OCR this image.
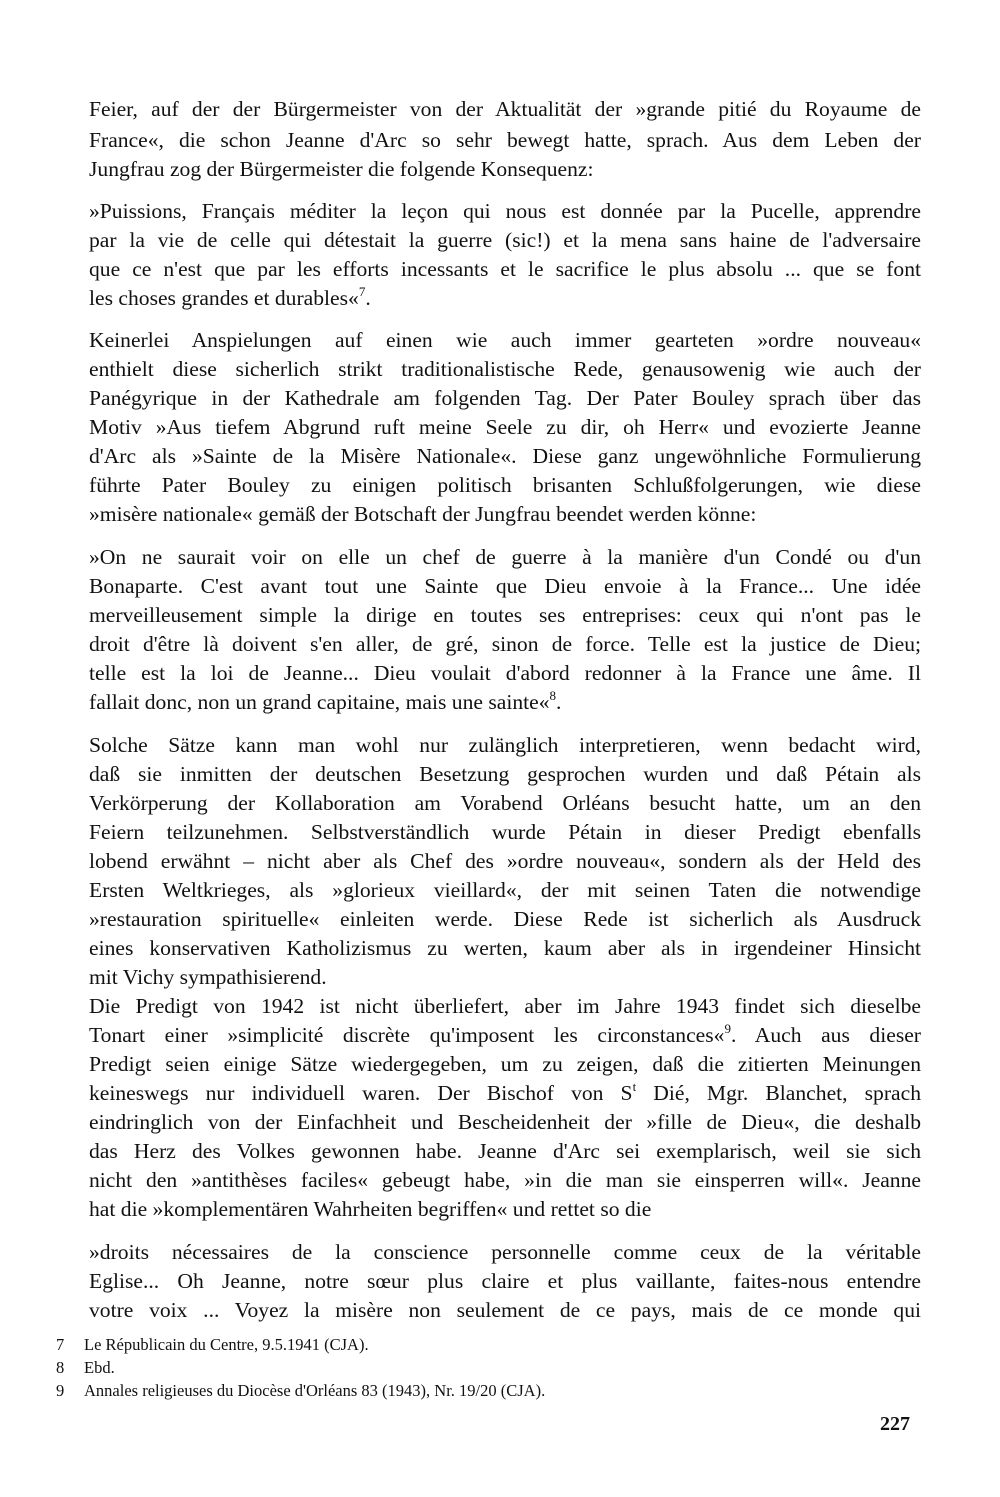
Feier, auf der der Bürgermeister von der Aktualität der »grande pitié du Royaume de
France«, die schon Jeanne d'Arc so sehr bewegt hatte, sprach. Aus dem Leben der
Jungfrau zog der Bürgermeister die folgende Konsequenz:
»Puissions, Français méditer la leçon qui nous est donnée par la Pucelle, apprendre
par la vie de celle qui détestait la guerre (sic!) et la mena sans haine de l'adversaire
que ce n'est que par les efforts incessants et le sacrifice le plus absolu ... que se font
les choses grandes et durables«$^7$.
Keinerlei Anspielungen auf einen wie auch immer gearteten »ordre nouveau«
enthielt diese sicherlich strikt traditionalistische Rede, genausowenig wie auch der
Panégyrique in der Kathedrale am folgenden Tag. Der Pater Bouley sprach über das
Motiv »Aus tiefem Abgrund ruft meine Seele zu dir, oh Herr« und evozierte Jeanne
d'Arc als »Sainte de la Misère Nationale«. Diese ganz ungewöhnliche Formulierung
führte Pater Bouley zu einigen politisch brisanten Schlußfolgerungen, wie diese
»misère nationale« gemäß der Botschaft der Jungfrau beendet werden könne:
»On ne saurait voir on elle un chef de guerre à la manière d'un Condé ou d'un
Bonaparte. C'est avant tout une Sainte que Dieu envoie à la France... Une idée
merveilleusement simple la dirige en toutes ses entreprises: ceux qui n'ont pas le
droit d'être là doivent s'en aller, de gré, sinon de force. Telle est la justice de Dieu;
telle est la loi de Jeanne... Dieu voulait d'abord redonner à la France une âme. Il
fallait donc, non un grand capitaine, mais une sainte«$^8$.
Solche Sätze kann man wohl nur zulänglich interpretieren, wenn bedacht wird,
daß sie inmitten der deutschen Besetzung gesprochen wurden und daß Pétain als
Verkörperung der Kollaboration am Vorabend Orléans besucht hatte, um an den
Feiern teilzunehmen. Selbstverständlich wurde Pétain in dieser Predigt ebenfalls
lobend erwähnt – nicht aber als Chef des »ordre nouveau«, sondern als der Held des
Ersten Weltkrieges, als »glorieux vieillard«, der mit seinen Taten die notwendige
»restauration spirituelle« einleiten werde. Diese Rede ist sicherlich als Ausdruck
eines konservativen Katholizismus zu werten, kaum aber als in irgendeiner Hinsicht
mit Vichy sympathisierend.
Die Predigt von 1942 ist nicht überliefert, aber im Jahre 1943 findet sich dieselbe
Tonart einer »simplicité discrète qu'imposent les circonstances«$^9$. Auch aus dieser
Predigt seien einige Sätze wiedergegeben, um zu zeigen, daß die zitierten Meinungen
keineswegs nur individuell waren. Der Bischof von $S^t$ Dié, Mgr. Blanchet, sprach
eindringlich von der Einfachheit und Bescheidenheit der »fille de Dieu«, die deshalb
das Herz des Volkes gewonnen habe. Jeanne d'Arc sei exemplarisch, weil sie sich
nicht den »antithèses faciles« gebeugt habe, »in die man sie einsperren will«. Jeanne
hat die »komplementären Wahrheiten begriffen« und rettet so die
»droits nécessaires de la conscience personnelle comme ceux de la véritable
Eglise... Oh Jeanne, notre sœur plus claire et plus vaillante, faites-nous entendre
votre voix ... Voyez la misère non seulement de ce pays, mais de ce monde qui
7 Le Républicain du Centre, 9.5.1941 (CJA).
8 Ebd.
9 Annales religieuses du Diocèse d'Orléans 83 (1943), Nr. 19/20 (CJA).
227
